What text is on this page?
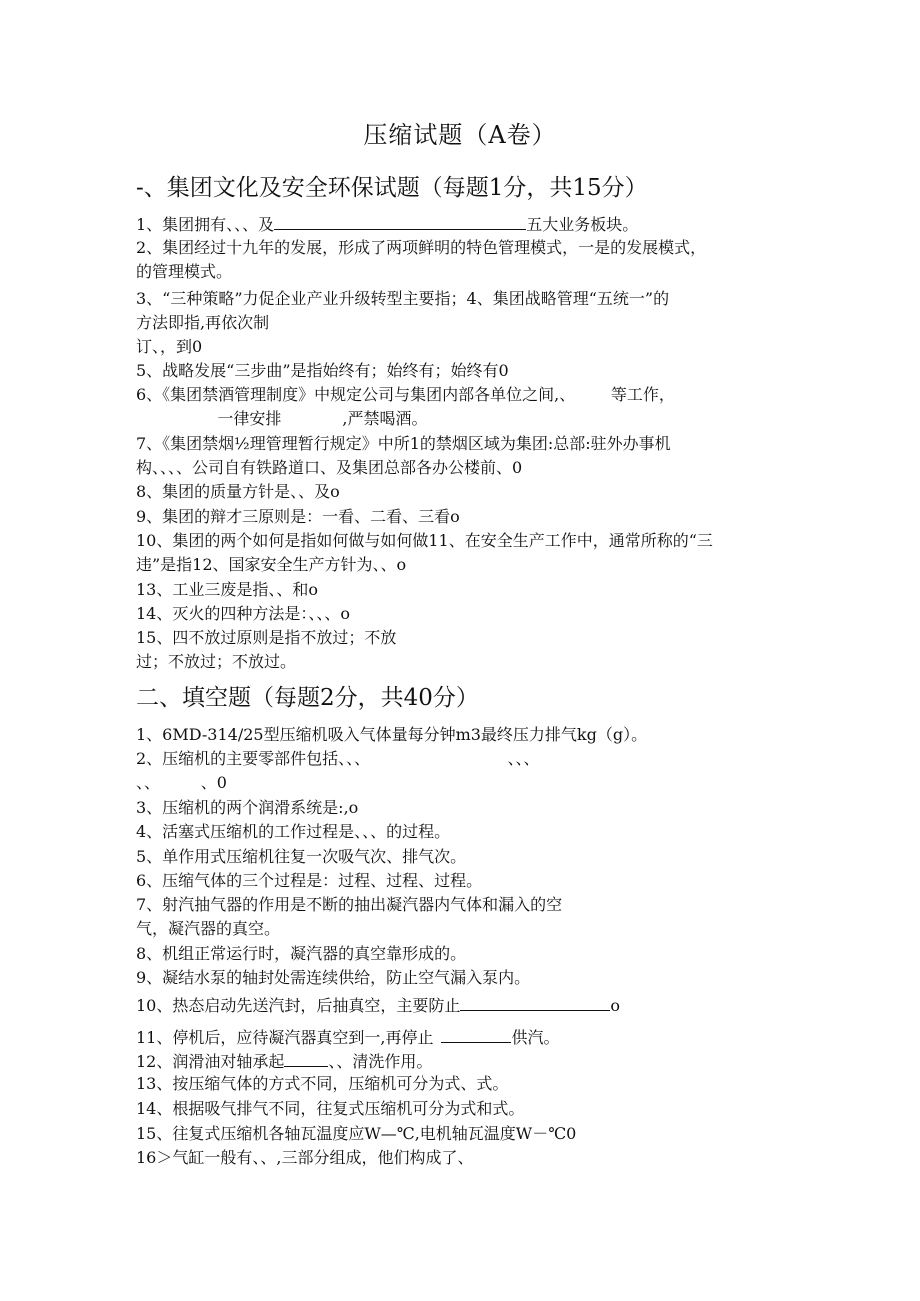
压缩试题（A卷）
-、集团文化及安全环保试题（每题1分，共15分）
1、集团拥有、、、及	五大业务板块。
2、集团经过十九年的发展，形成了两项鲜明的特色管理模式，一是的发展模式，
的管理模式。
3、“三种策略”力促企业产业升级转型主要指；4、集团战略管理“五统一”的
方法即指,再依次制
订、，到0
5、战略发展“三步曲”是指始终有；始终有；始终有0
6、《集团禁酒管理制度》中规定公司与集团内部各单位之间,、       等工作，
一律安排            ,严禁喝酒。
7、《集团禁烟½理管理暂行规定》中所1的禁烟区域为集团:总部:驻外办事机
构、、、、公司自有铁路道口、及集团总部各办公楼前、0
8、集团的质量方针是、、及o
9、集团的辩才三原则是：一看、二看、三看o
10、集团的两个如何是指如何做与如何做11、在安全生产工作中，通常所称的“三
违”是指12、国家安全生产方针为、、o
13、工业三废是指、、和o
14、灭火的四种方法是：、、、o
15、四不放过原则是指不放过；不放
过；不放过；不放过。
二、填空题（每题2分，共40分）
1、6MD-314/25型压缩机吸入气体量每分钟m3最终压力排气kg（g）。
2、压缩机的主要零部件包括、、、                           、、、
、、        、0
3、压缩机的两个润滑系统是:,o
4、活塞式压缩机的工作过程是、、、的过程。
5、单作用式压缩机往复一次吸气次、排气次。
6、压缩气体的三个过程是：过程、过程、过程。
7、射汽抽气器的作用是不断的抽出凝汽器内气体和漏入的空
气，凝汽器的真空。
8、机组正常运行时，凝汽器的真空靠形成的。
9、凝结水泵的轴封处需连续供给，防止空气漏入泵内。
10、热态启动先送汽封，后抽真空，主要防止	o
11、停机后，应待凝汽器真空到一,再停止	供汽。
12、润滑油对轴承起	、、清洗作用。
13、按压缩气体的方式不同，压缩机可分为式、式。
14、根据吸气排气不同，往复式压缩机可分为式和式。
15、往复式压缩机各轴瓦温度应W—℃,电机轴瓦温度W－℃0
16＞气缸一般有、、,三部分组成，他们构成了、
